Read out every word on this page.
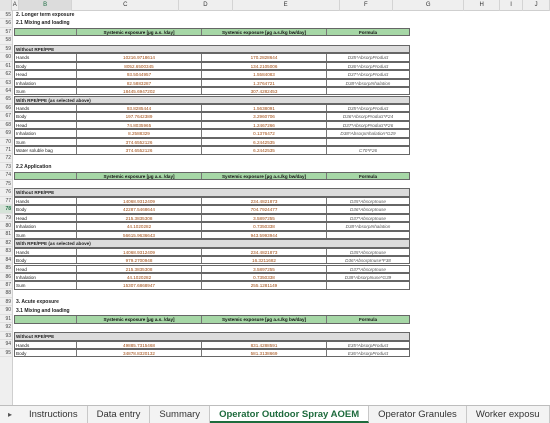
A	B	C	D	E	F	G	H	I	J
55
56
57
58
59
60
61
62
63
64
65
66
67
68
69
70
71
72
73
74
75
76
77
78
79
80
81
82
83
84
85
86
87
88
89
90
91
92
93
94
95
2. Longer term exposure
2.1 Mixing and loading
Systemic exposure [µg a.s. /day]	Systemic exposure [µg a.s./kg bw/day]	Formula
Without RPE/PPE
Hands	10216.9718614	170.2828644	D35*AbsorpProduct
Body	8052.6500345	134.2105006	D36*AbsorpProduct
Head	93.5044957	1.5584083	D37*AbsorpProduct
Inhalation	82.5883287	1.3764721	D38*AbsorpInhalation
Sum	18445.6947202	307.4282453
With RPE/PPE (as selected above)
Hands	93.8285444	1.5638091	D35*AbsorpProduct
Body	197.7642389	3.2960706	D36*AbsorpProduct*F24
Head	74.8035965	1.2467266	D37*AbsorpProduct*F26
Inhalation	8.2588329	0.1376472	D38*AbsorpInhalation*G29
Sum	374.6552126	6.2442535
Water soluble bag	374.6552126	6.2442535	C70*F26
2.2 Application
Systemic exposure [µg a.s. /day]	Systemic exposure [µg a.s./kg bw/day]	Formula
Without RPE/PPE
Hands	14068.9312409	234.4821873	D35*AbsorpInuse
Body	42287.5468644	704.7924477	D36*AbsorpInuse
Head	215.3835308	3.5897255	D37*AbsorpInuse
Inhalation	44.1020282	0.7350338	D38*AbsorpInhalation
Sum	56615.9636643	943.5993944
With RPE/PPE (as selected above)
Hands	14068.9312409	234.4821873	D35*AbsorpInuse
Body	979.2700948	16.3211682	D36*AbsorpInuse*F38
Head	215.3835308	3.5897255	D37*AbsorpInuse
Inhalation	44.1020282	0.7350338	D38*AbsorpInuse*G39
Sum	15307.6868947	255.1281149
3. Acute exposure
3.1 Mixing and loading
Systemic exposure [µg a.s. /day]	Systemic exposure [µg a.s./kg bw/day]	Formula
Without RPE/PPE
Hands	49885.7315468	831.4288591	E35*AbsorpProduct
Body	34878.8320132	581.3138669	E36*AbsorpProduct
▸	Instructions	Data entry	Summary	Operator Outdoor Spray AOEM	Operator Granules	Worker exposu
